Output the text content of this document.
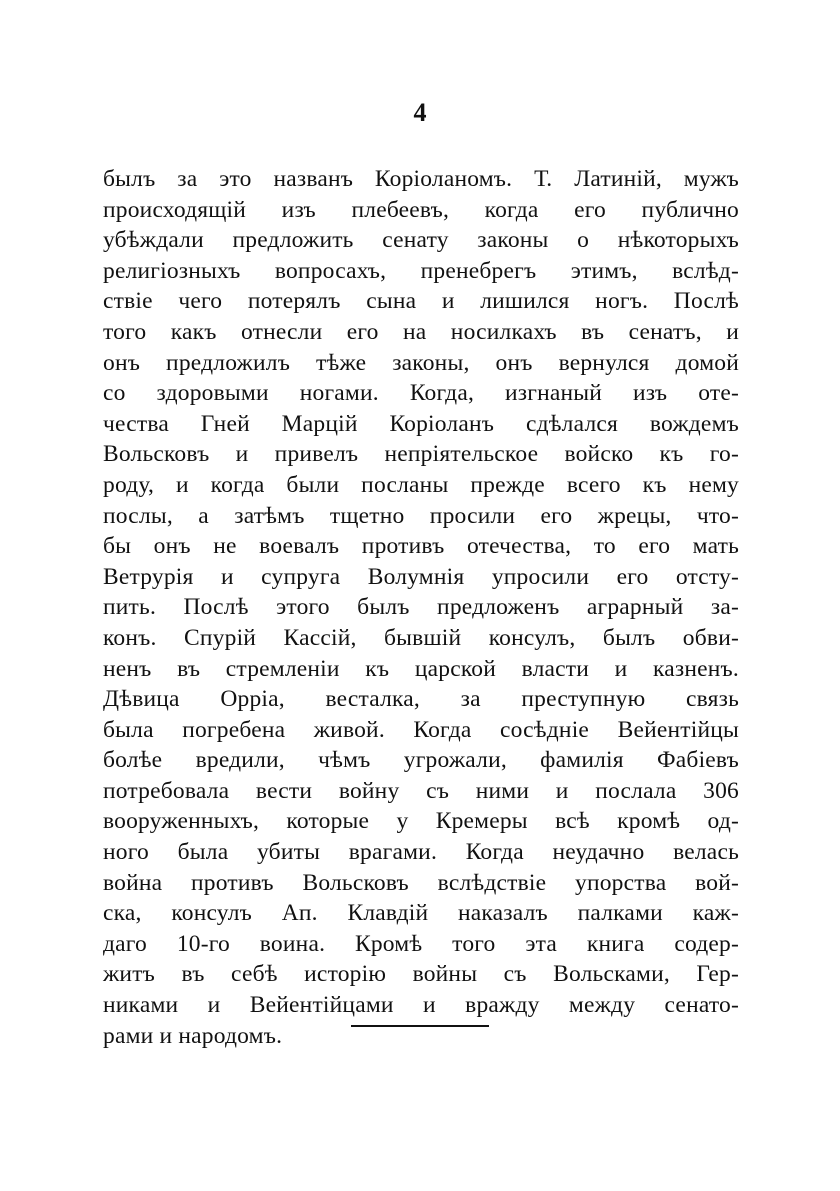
4
былъ за это названъ Коріоланомъ. Т. Латиній, мужъ
происходящій изъ плебеевъ, когда его публично
убѣждали предложить сенату законы о нѣкоторыхъ
религіозныхъ вопросахъ, пренебрегъ этимъ, вслѣд-
ствіе чего потерялъ сына и лишился ногъ. Послѣ
того какъ отнесли его на носилкахъ въ сенатъ, и
онъ предложилъ тѣже законы, онъ вернулся домой
со здоровыми ногами. Когда, изгнаный изъ оте-
чества Гней Марцій Коріоланъ сдѣлался вождемъ
Вольсковъ и привелъ непріятельское войско къ го-
роду, и когда были посланы прежде всего къ нему
послы, а затѣмъ тщетно просили его жрецы, что-
бы онъ не воевалъ противъ отечества, то его мать
Ветрурія и супруга Волумнія упросили его отсту-
пить. Послѣ этого былъ предложенъ аграрный за-
конъ. Спурій Кассій, бывшій консулъ, былъ обви-
ненъ въ стремленіи къ царской власти и казненъ.
Дѣвица Орріа, весталка, за преступную связь
была погребена живой. Когда сосѣдніе Вейентійцы
болѣе вредили, чѣмъ угрожали, фамилія Фабіевъ
потребовала вести войну съ ними и послала 306
вооруженныхъ, которые у Кремеры всѣ кромѣ од-
ного была убиты врагами. Когда неудачно велась
война противъ Вольсковъ вслѣдствіе упорства вой-
ска, консулъ Ап. Клавдій наказалъ палками каж-
даго 10-го воина. Кромѣ того эта книга содер-
житъ въ себѣ исторію войны съ Вольсками, Гер-
никами и Вейентійцами и вражду между сенато-
рами и народомъ.
